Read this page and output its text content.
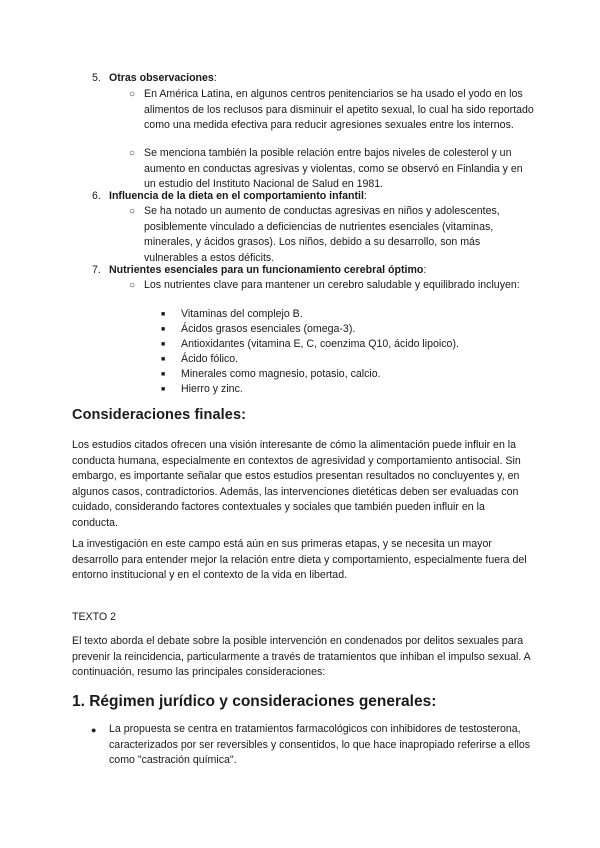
5. Otras observaciones:
○ En América Latina, en algunos centros penitenciarios se ha usado el yodo en los alimentos de los reclusos para disminuir el apetito sexual, lo cual ha sido reportado como una medida efectiva para reducir agresiones sexuales entre los internos.
○ Se menciona también la posible relación entre bajos niveles de colesterol y un aumento en conductas agresivas y violentas, como se observó en Finlandia y en un estudio del Instituto Nacional de Salud en 1981.
6. Influencia de la dieta en el comportamiento infantil:
○ Se ha notado un aumento de conductas agresivas en niños y adolescentes, posiblemente vinculado a deficiencias de nutrientes esenciales (vitaminas, minerales, y ácidos grasos). Los niños, debido a su desarrollo, son más vulnerables a estos déficits.
7. Nutrientes esenciales para un funcionamiento cerebral óptimo:
○ Los nutrientes clave para mantener un cerebro saludable y equilibrado incluyen:
■ Vitaminas del complejo B.
■ Ácidos grasos esenciales (omega-3).
■ Antioxidantes (vitamina E, C, coenzima Q10, ácido lipoico).
■ Ácido fólico.
■ Minerales como magnesio, potasio, calcio.
■ Hierro y zinc.
Consideraciones finales:
Los estudios citados ofrecen una visión interesante de cómo la alimentación puede influir en la conducta humana, especialmente en contextos de agresividad y comportamiento antisocial. Sin embargo, es importante señalar que estos estudios presentan resultados no concluyentes y, en algunos casos, contradictorios. Además, las intervenciones dietéticas deben ser evaluadas con cuidado, considerando factores contextuales y sociales que también pueden influir en la conducta.
La investigación en este campo está aún en sus primeras etapas, y se necesita un mayor desarrollo para entender mejor la relación entre dieta y comportamiento, especialmente fuera del entorno institucional y en el contexto de la vida en libertad.
TEXTO 2
El texto aborda el debate sobre la posible intervención en condenados por delitos sexuales para prevenir la reincidencia, particularmente a través de tratamientos que inhiban el impulso sexual. A continuación, resumo las principales consideraciones:
1. Régimen jurídico y consideraciones generales:
● La propuesta se centra en tratamientos farmacológicos con inhibidores de testosterona, caracterizados por ser reversibles y consentidos, lo que hace inapropiado referirse a ellos como "castración química".
